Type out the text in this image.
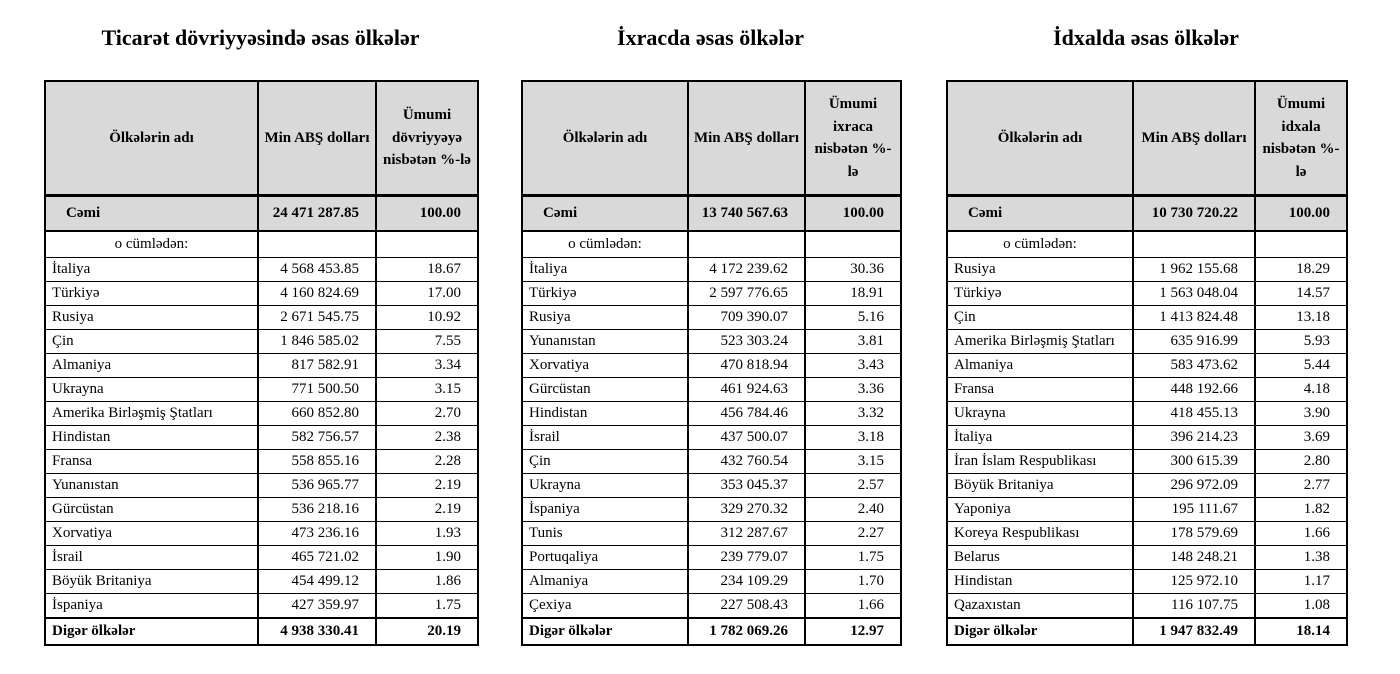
Ticarət dövriyyəsində əsas ölkələr
Ölkələrin adı	Min ABŞ dolları	Ümumi dövriyyəyə nisbətən %-lə
Cəmi	24 471 287.85	100.00
o cümlədən:		
İtaliya	4 568 453.85	18.67
Türkiyə	4 160 824.69	17.00
Rusiya	2 671 545.75	10.92
Çin	1 846 585.02	7.55
Almaniya	817 582.91	3.34
Ukrayna	771 500.50	3.15
Amerika Birləşmiş Ştatları	660 852.80	2.70
Hindistan	582 756.57	2.38
Fransa	558 855.16	2.28
Yunanıstan	536 965.77	2.19
Gürcüstan	536 218.16	2.19
Xorvatiya	473 236.16	1.93
İsrail	465 721.02	1.90
Böyük Britaniya	454 499.12	1.86
İspaniya	427 359.97	1.75
Digər ölkələr	4 938 330.41	20.19
İxracda əsas ölkələr
Ölkələrin adı	Min ABŞ dolları	Ümumi ixraca nisbətən %-lə
Cəmi	13 740 567.63	100.00
o cümlədən:		
İtaliya	4 172 239.62	30.36
Türkiyə	2 597 776.65	18.91
Rusiya	709 390.07	5.16
Yunanıstan	523 303.24	3.81
Xorvatiya	470 818.94	3.43
Gürcüstan	461 924.63	3.36
Hindistan	456 784.46	3.32
İsrail	437 500.07	3.18
Çin	432 760.54	3.15
Ukrayna	353 045.37	2.57
İspaniya	329 270.32	2.40
Tunis	312 287.67	2.27
Portuqaliya	239 779.07	1.75
Almaniya	234 109.29	1.70
Çexiya	227 508.43	1.66
Digər ölkələr	1 782 069.26	12.97
İdxalda əsas ölkələr
Ölkələrin adı	Min ABŞ dolları	Ümumi idxala nisbətən %-lə
Cəmi	10 730 720.22	100.00
o cümlədən:		
Rusiya	1 962 155.68	18.29
Türkiyə	1 563 048.04	14.57
Çin	1 413 824.48	13.18
Amerika Birləşmiş Ştatları	635 916.99	5.93
Almaniya	583 473.62	5.44
Fransa	448 192.66	4.18
Ukrayna	418 455.13	3.90
İtaliya	396 214.23	3.69
İran İslam Respublikası	300 615.39	2.80
Böyük Britaniya	296 972.09	2.77
Yaponiya	195 111.67	1.82
Koreya Respublikası	178 579.69	1.66
Belarus	148 248.21	1.38
Hindistan	125 972.10	1.17
Qazaxıstan	116 107.75	1.08
Digər ölkələr	1 947 832.49	18.14
